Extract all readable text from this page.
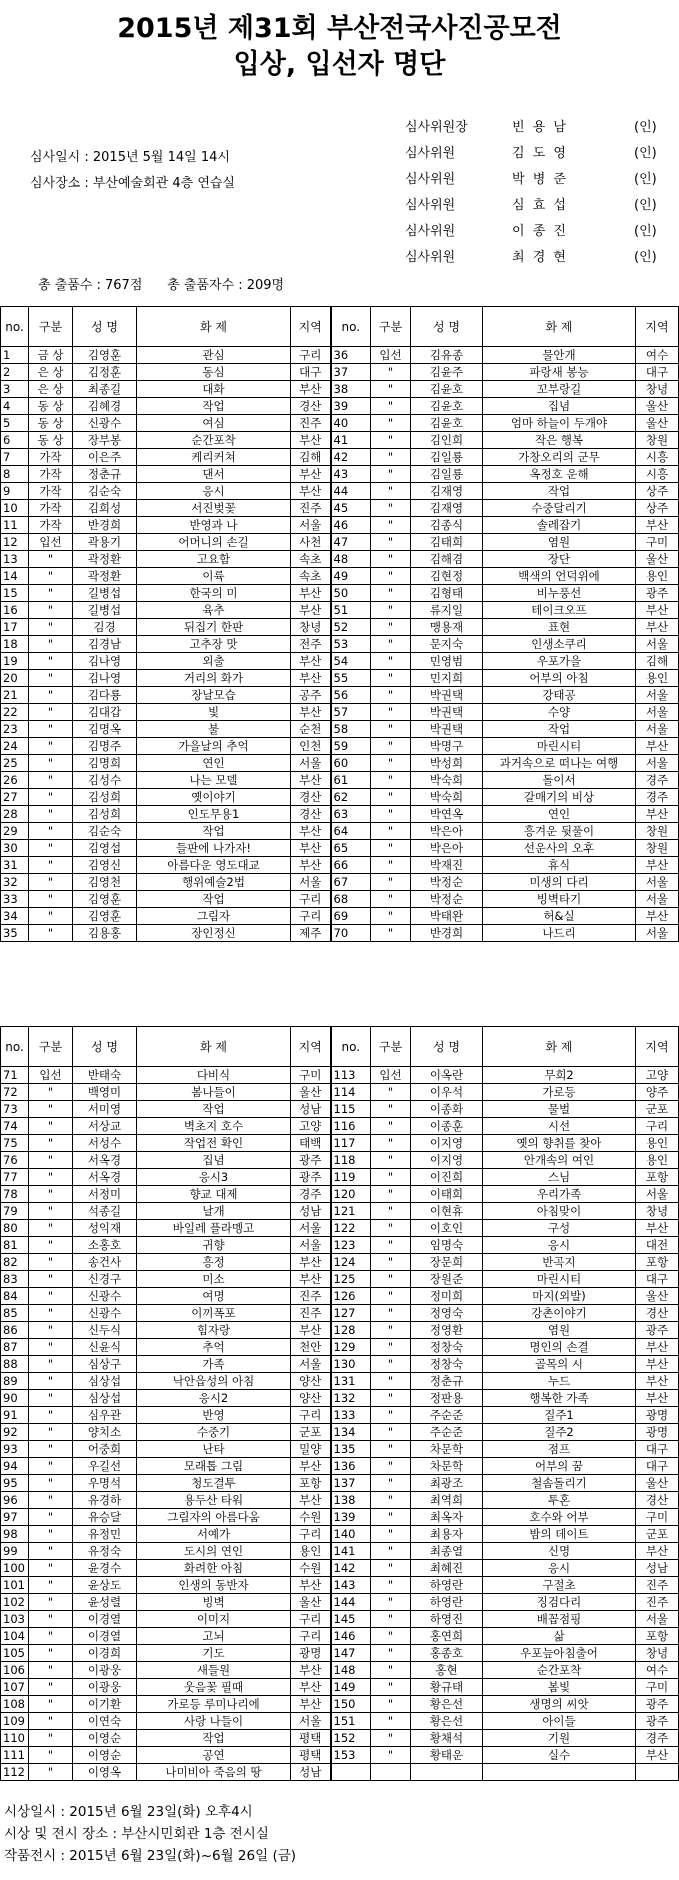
2015년 제31회 부산전국사진공모전
입상, 입선자 명단
심사위원장	빈 용 남	(인)
심사위원	김 도 영	(인)
심사위원	박 병 준	(인)
심사위원	심 효 섭	(인)
심사위원	이 종 진	(인)
심사위원	최 경 현	(인)
심사일시 : 2015년 5월 14일 14시
심사장소 : 부산예술회관 4층 연습실
총 출품수 : 767점      총 출품자수 : 209명
no.	구분	성 명	화 제	지역	no.	구분	성 명	화 제	지역
1	금 상	김영훈	관심	구리	36	입선	김유종	물안개	여수
2	은 상	김정훈	동심	대구	37	"	김윤주	파랑새 봉능	대구
3	은 상	최종길	대화	부산	38	"	김윤호	꼬부랑길	창녕
4	동 상	김혜경	작업	경산	39	"	김윤호	집념	울산
5	동 상	신광수	여심	진주	40	"	김윤호	엄마 하늘이 두개야	울산
6	동 상	장부봉	순간포착	부산	41	"	김인희	작은 행복	창원
7	가작	이은주	케리커쳐	김해	42	"	김일룡	가창오리의 군무	시흥
8	가작	정춘규	댄서	부산	43	"	김일룡	옥정호 운해	시흥
9	가작	김순숙	응시	부산	44	"	김재영	작업	상주
10	가작	김희성	서진벚꽃	진주	45	"	김재영	수중달리기	상주
11	가작	반경희	반영과 나	서울	46	"	김종식	솔레잡기	부산
12	입선	곽용기	어머니의 손길	사천	47	"	김태희	염원	구미
13	"	곽정환	고요함	속초	48	"	김해겸	장단	울산
14	"	곽정환	이륙	속초	49	"	김현정	백색의 언덕위에	용인
15	"	길병섭	한국의 미	부산	50	"	김형태	비누풍선	광주
16	"	길병섭	육추	부산	51	"	류지일	테이크오프	부산
17	"	김경	뒤집기 한판	창녕	52	"	맹용재	표현	부산
18	"	김경남	고추장 맛	전주	53	"	문지숙	인생소쿠리	서울
19	"	김나영	외출	부산	54	"	민영범	우포가을	김해
20	"	김나영	거리의 화가	부산	55	"	민지희	어부의 아침	용인
21	"	김다룡	장날모습	공주	56	"	박권택	강태공	서울
22	"	김대갑	빛	부산	57	"	박권택	수양	서울
23	"	김명옥	불	순천	58	"	박권택	작업	서울
24	"	김명주	가을날의 추억	인천	59	"	박명구	마린시티	부산
25	"	김명희	연인	서울	60	"	박성희	과거속으로 떠나는 여행	서울
26	"	김성수	나는 모델	부산	61	"	박숙희	돌이서	경주
27	"	김성희	옛이야기	경산	62	"	박숙희	갈매기의 비상	경주
28	"	김성희	인도무용1	경산	63	"	박연옥	연인	부산
29	"	김순숙	작업	부산	64	"	박은아	흥겨운 뒷풀이	창원
30	"	김영섭	들판에 나가자!	부산	65	"	박은아	선운사의 오후	창원
31	"	김영신	아름다운 영도대교	부산	66	"	박재진	휴식	부산
32	"	김영천	행위예술2법	서울	67	"	박정순	미생의 다리	서울
33	"	김영훈	작업	구리	68	"	박정순	빙벽타기	서울
34	"	김영훈	그림자	구리	69	"	박태완	허&실	부산
35	"	김용홍	장인정신	제주	70	"	반경희	나드리	서울
no.	구분	성 명	화 제	지역	no.	구분	성 명	화 제	지역
71	입선	반태숙	다비식	구미	113	입선	이옥란	무희2	고양
72	"	백영미	봄나들이	울산	114	"	이우석	가로등	양주
73	"	서미영	작업	성남	115	"	이종화	물벌	군포
74	"	서상교	벽초지 호수	고양	116	"	이종훈	시선	구리
75	"	서성수	작업전 확인	태백	117	"	이지영	옛의 향취를 찾아	용인
76	"	서옥경	집념	광주	118	"	이지영	안개속의 여인	용인
77	"	서옥경	응시3	광주	119	"	이진희	스님	포항
78	"	서정미	향교 대제	경주	120	"	이태희	우리가족	서울
79	"	석종길	날개	성남	121	"	이현휴	아침맞이	창녕
80	"	성익재	바일레 플라멩고	서울	122	"	이호인	구성	부산
81	"	소홍호	귀향	서울	123	"	임명숙	응시	대전
82	"	송건사	흥정	부산	124	"	장문희	반곡지	포항
83	"	신경구	미소	부산	125	"	장원준	마린시티	대구
84	"	신광수	여명	진주	126	"	정미희	마지(외발)	울산
85	"	신광수	이끼폭포	진주	127	"	정영숙	강촌이야기	경산
86	"	신두식	힘자랑	부산	128	"	정영환	염원	광주
87	"	신윤식	추억	천안	129	"	정창숙	명인의 손결	부산
88	"	심상구	가족	서울	130	"	정창숙	골목의 시	부산
89	"	심상섭	낙안읍성의 아침	양산	131	"	정춘규	누드	부산
90	"	심상섭	응시2	양산	132	"	정판용	행복한 가족	부산
91	"	심우관	반영	구리	133	"	주순준	질주1	광명
92	"	양치소	수중기	군포	134	"	주순준	질주2	광명
93	"	어중희	난타	밀양	135	"	차문학	점프	대구
94	"	우길선	모래톱 그림	부산	136	"	차문학	어부의 꿈	대구
95	"	우명석	청도결투	포항	137	"	최광조	철솜돌리기	울산
96	"	유경하	용두산 타워	부산	138	"	최역희	투혼	경산
97	"	유승달	그림자의 아름다움	수원	139	"	최옥자	호수와 어부	구미
98	"	유정민	서예가	구리	140	"	최용자	밤의 데이트	군포
99	"	유정숙	도시의 연인	용인	141	"	최종열	신명	부산
100	"	윤경수	화려한 아침	수원	142	"	최혜진	응시	성남
101	"	윤상도	인생의 동반자	부산	143	"	하영란	구절초	진주
102	"	윤성렬	빙벽	울산	144	"	하영란	징검다리	진주
103	"	이경열	이미지	구리	145	"	하영진	배꼽점핑	서울
104	"	이경열	고뇌	구리	146	"	홍연희	삶	포항
105	"	이경희	기도	광명	147	"	홍종호	우포늪아침출어	창녕
106	"	이광웅	새들원	부산	148	"	홍현	순간포착	여수
107	"	이광웅	웃음꽃 필때	부산	149	"	황규태	봄빛	구미
108	"	이기환	가로등 루미나리에	부산	150	"	황은선	생명의 씨앗	광주
109	"	이연숙	사랑 나들이	서울	151	"	황은선	아이들	광주
110	"	이영순	작업	평택	152	"	황채석	기원	경주
111	"	이영순	공연	평택	153	"	황태운	실수	부산
112	"	이영옥	나미비아 죽음의 땅	성남					
시상일시 : 2015년 6월 23일(화) 오후4시
시상 및 전시 장소 : 부산시민회관 1층 전시실
작품전시 : 2015년 6월 23일(화)~6월 26일 (금)
